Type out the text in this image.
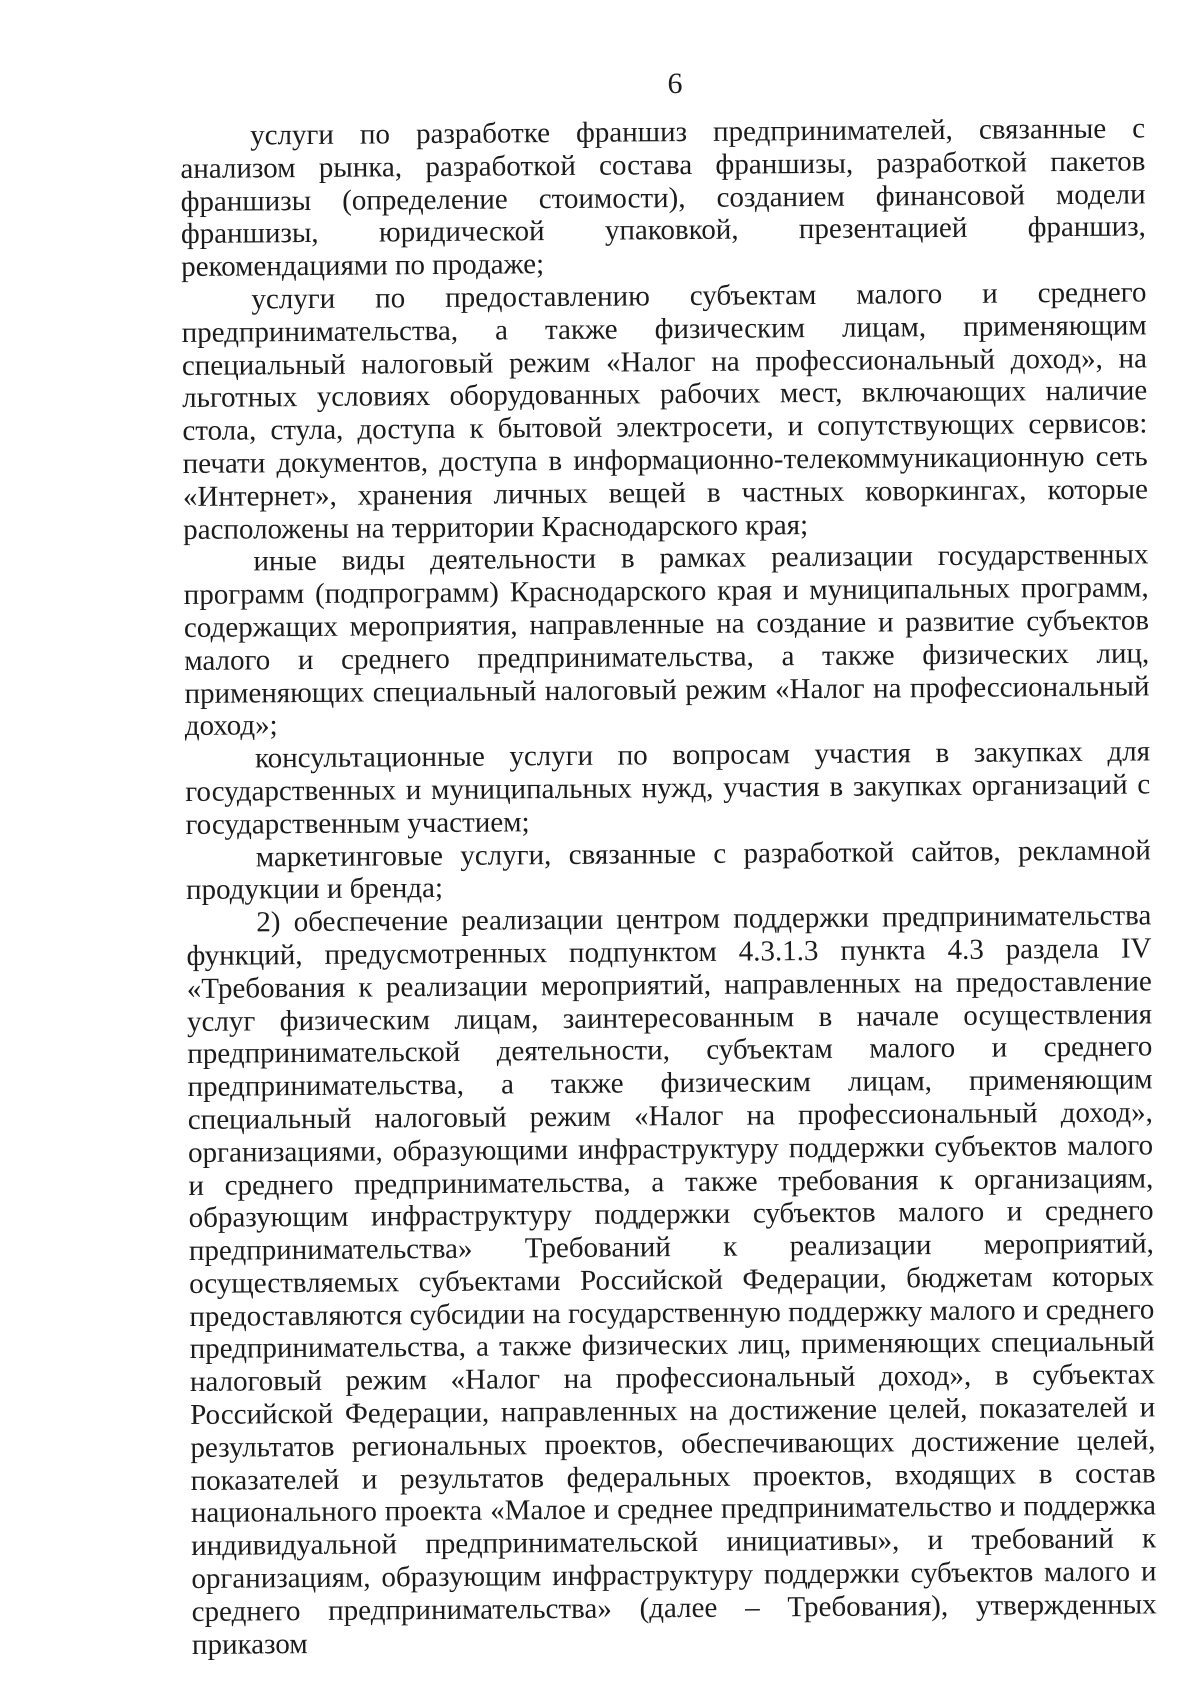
6

услуги по разработке франшиз предпринимателей, связанные с анализом рынка, разработкой состава франшизы, разработкой пакетов франшизы (определение стоимости), созданием финансовой модели франшизы, юридической упаковкой, презентацией франшиз, рекомендациями по продаже;

услуги по предоставлению субъектам малого и среднего предпринимательства, а также физическим лицам, применяющим специальный налоговый режим «Налог на профессиональный доход», на льготных условиях оборудованных рабочих мест, включающих наличие стола, стула, доступа к бытовой электросети, и сопутствующих сервисов: печати документов, доступа в информационно-телекоммуникационную сеть «Интернет», хранения личных вещей в частных коворкингах, которые расположены на территории Краснодарского края;

иные виды деятельности в рамках реализации государственных программ (подпрограмм) Краснодарского края и муниципальных программ, содержащих мероприятия, направленные на создание и развитие субъектов малого и среднего предпринимательства, а также физических лиц, применяющих специальный налоговый режим «Налог на профессиональный доход»;

консультационные услуги по вопросам участия в закупках для государственных и муниципальных нужд, участия в закупках организаций с государственным участием;

маркетинговые услуги, связанные с разработкой сайтов, рекламной продукции и бренда;

2) обеспечение реализации центром поддержки предпринимательства функций, предусмотренных подпунктом 4.3.1.3 пункта 4.3 раздела IV «Требования к реализации мероприятий, направленных на предоставление услуг физическим лицам, заинтересованным в начале осуществления предпринимательской деятельности, субъектам малого и среднего предпринимательства, а также физическим лицам, применяющим специальный налоговый режим «Налог на профессиональный доход», организациями, образующими инфраструктуру поддержки субъектов малого и среднего предпринимательства, а также требования к организациям, образующим инфраструктуру поддержки субъектов малого и среднего предпринимательства» Требований к реализации мероприятий, осуществляемых субъектами Российской Федерации, бюджетам которых предоставляются субсидии на государственную поддержку малого и среднего предпринимательства, а также физических лиц, применяющих специальный налоговый режим «Налог на профессиональный доход», в субъектах Российской Федерации, направленных на достижение целей, показателей и результатов региональных проектов, обеспечивающих достижение целей, показателей и результатов федеральных проектов, входящих в состав национального проекта «Малое и среднее предпринимательство и поддержка индивидуальной предпринимательской инициативы», и требований к организациям, образующим инфраструктуру поддержки субъектов малого и среднего предпринимательства» (далее – Требования), утвержденных приказом
